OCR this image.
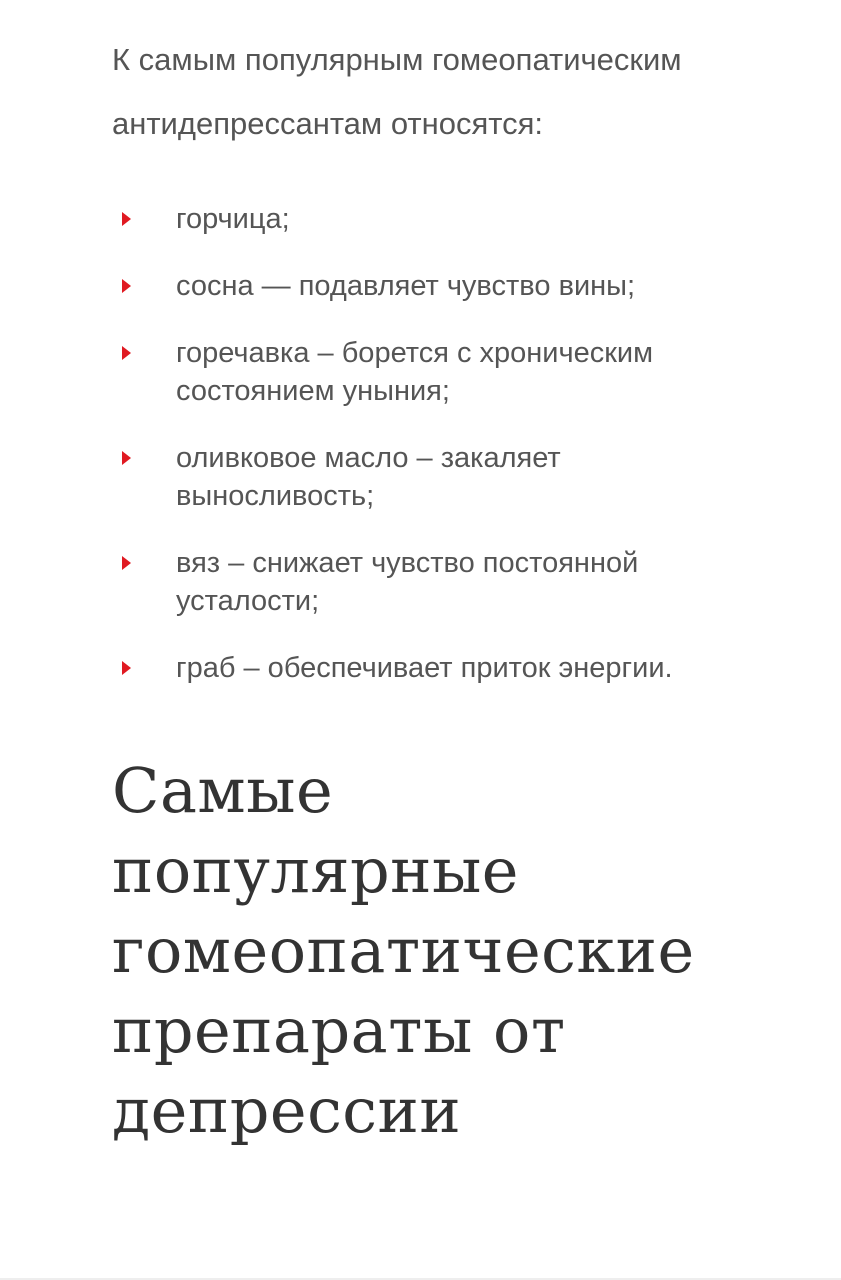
К самым популярным гомеопатическим антидепрессантам относятся:

горчица;
сосна — подавляет чувство вины;
горечавка – борется с хроническим состоянием уныния;
оливковое масло – закаляет выносливость;
вяз – снижает чувство постоянной усталости;
граб – обеспечивает приток энергии.
Самые популярные гомеопатические препараты от депрессии
